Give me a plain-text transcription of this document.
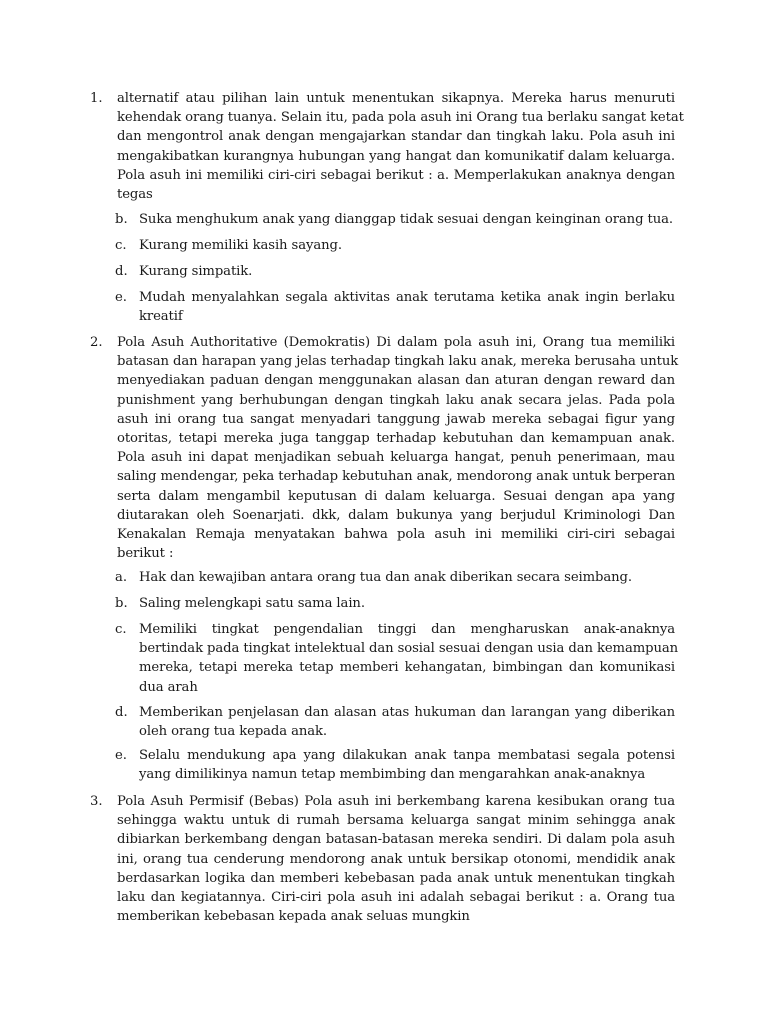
1.	alternatif atau pilihan lain untuk menentukan sikapnya. Mereka harus menuruti
kehendak orang tuanya. Selain itu, pada pola asuh ini Orang tua berlaku sangat ketat
dan mengontrol anak dengan mengajarkan standar dan tingkah laku. Pola asuh ini
mengakibatkan kurangnya hubungan yang hangat dan komunikatif dalam keluarga.
Pola asuh ini memiliki ciri-ciri sebagai berikut : a. Memperlakukan anaknya dengan
tegas

b. Suka menghukum anak yang dianggap tidak sesuai dengan keinginan orang tua.

c. Kurang memiliki kasih sayang.

d. Kurang simpatik.

e. Mudah menyalahkan segala aktivitas anak terutama ketika anak ingin berlaku
kreatif

2.	Pola Asuh Authoritative (Demokratis) Di dalam pola asuh ini, Orang tua memiliki
batasan dan harapan yang jelas terhadap tingkah laku anak, mereka berusaha untuk
menyediakan paduan dengan menggunakan alasan dan aturan dengan reward dan
punishment yang berhubungan dengan tingkah laku anak secara jelas. Pada pola
asuh ini orang tua sangat menyadari tanggung jawab mereka sebagai figur yang
otoritas, tetapi mereka juga tanggap terhadap kebutuhan dan kemampuan anak.
Pola asuh ini dapat menjadikan sebuah keluarga hangat, penuh penerimaan, mau
saling mendengar, peka terhadap kebutuhan anak, mendorong anak untuk berperan
serta dalam mengambil keputusan di dalam keluarga. Sesuai dengan apa yang
diutarakan oleh Soenarjati. dkk, dalam bukunya yang berjudul Kriminologi Dan
Kenakalan Remaja menyatakan bahwa pola asuh ini memiliki ciri-ciri sebagai
berikut :

a. Hak dan kewajiban antara orang tua dan anak diberikan secara seimbang.

b. Saling melengkapi satu sama lain.

c. Memiliki tingkat pengendalian tinggi dan mengharuskan anak-anaknya
bertindak pada tingkat intelektual dan sosial sesuai dengan usia dan kemampuan
mereka, tetapi mereka tetap memberi kehangatan, bimbingan dan komunikasi
dua arah

d. Memberikan penjelasan dan alasan atas hukuman dan larangan yang diberikan
oleh orang tua kepada anak.

e. Selalu mendukung apa yang dilakukan anak tanpa membatasi segala potensi
yang dimilikinya namun tetap membimbing dan mengarahkan anak-anaknya

3.	Pola Asuh Permisif (Bebas) Pola asuh ini berkembang karena kesibukan orang tua
sehingga waktu untuk di rumah bersama keluarga sangat minim sehingga anak
dibiarkan berkembang dengan batasan-batasan mereka sendiri. Di dalam pola asuh
ini, orang tua cenderung mendorong anak untuk bersikap otonomi, mendidik anak
berdasarkan logika dan memberi kebebasan pada anak untuk menentukan tingkah
laku dan kegiatannya. Ciri-ciri pola asuh ini adalah sebagai berikut : a. Orang tua
memberikan kebebasan kepada anak seluas mungkin
